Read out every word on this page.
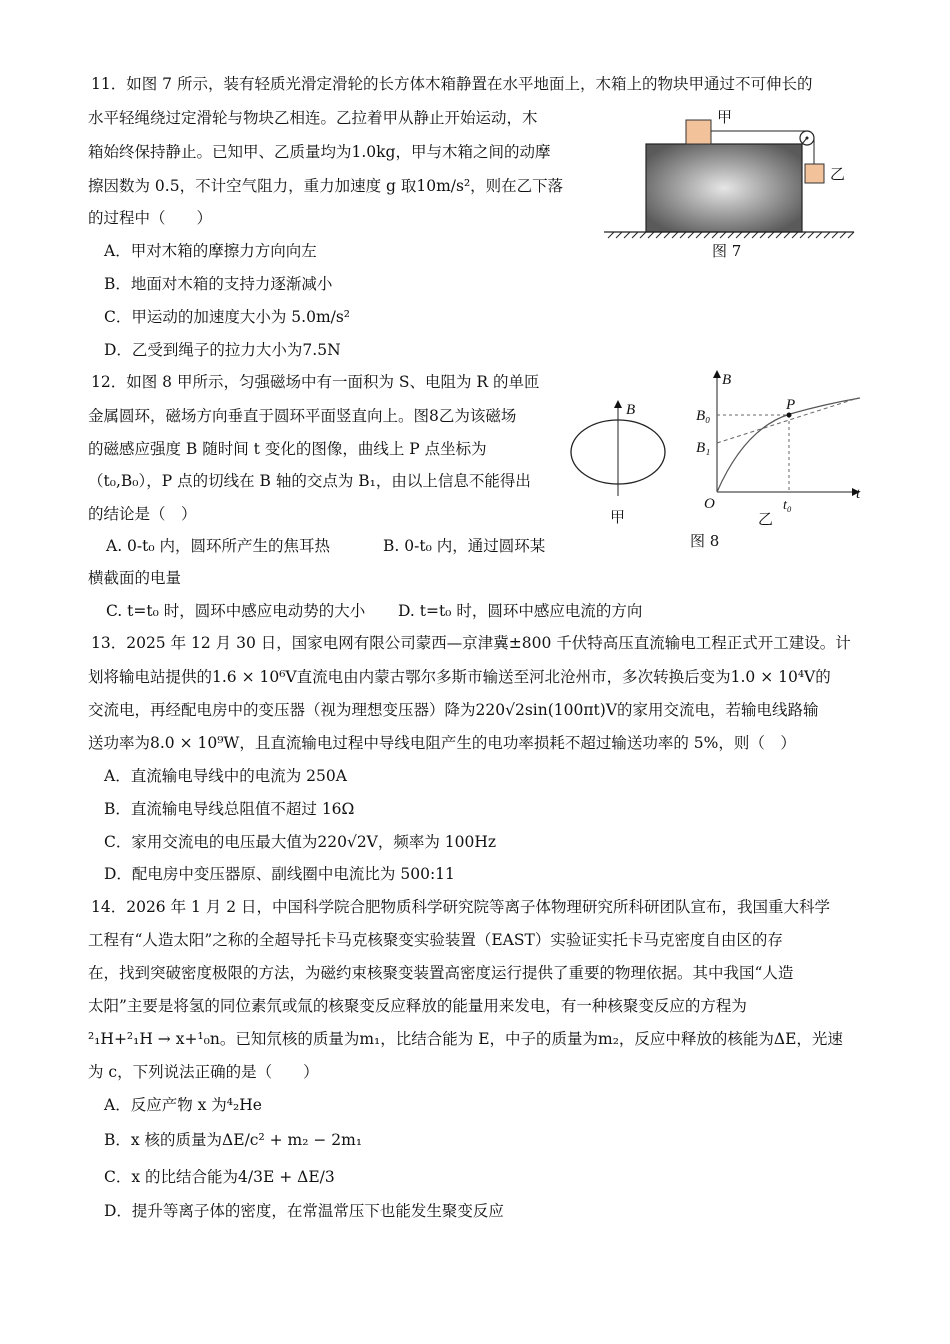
11．如图 7 所示，装有轻质光滑定滑轮的长方体木箱静置在水平地面上，木箱上的物块甲通过不可伸长的
水平轻绳绕过定滑轮与物块乙相连。乙拉着甲从静止开始运动，木
箱始终保持静止。已知甲、乙质量均为1.0kg，甲与木箱之间的动摩
擦因数为 0.5，不计空气阻力，重力加速度 g 取10m/s²，则在乙下落
的过程中（　　）
A．甲对木箱的摩擦力方向向左
B．地面对木箱的支持力逐渐减小
C．甲运动的加速度大小为 5.0m/s²
D．乙受到绳子的拉力大小为7.5N
甲
乙
图 7
12．如图 8 甲所示，匀强磁场中有一面积为 S、电阻为 R 的单匝
金属圆环，磁场方向垂直于圆环平面竖直向上。图8乙为该磁场
的磁感应强度 B 随时间 t 变化的图像，曲线上 P 点坐标为
（t₀,B₀），P 点的切线在 B 轴的交点为 B₁，由以上信息不能得出
的结论是（　）
A. 0-t₀ 内，圆环所产生的焦耳热	B. 0-t₀ 内，通过圆环某
横截面的电量
C. t=t₀ 时，圆环中感应电动势的大小 D. t=t₀ 时，圆环中感应电流的方向
B
甲
B
t
O
B₀
B₁
P
t₀
乙
图 8
13．2025 年 12 月 30 日，国家电网有限公司蒙西—京津冀±800 千伏特高压直流输电工程正式开工建设。计
划将输电站提供的1.6 × 10⁶V直流电由内蒙古鄂尔多斯市输送至河北沧州市，多次转换后变为1.0 × 10⁴V的
交流电，再经配电房中的变压器（视为理想变压器）降为220√2sin(100πt)V的家用交流电，若输电线路输
送功率为8.0 × 10⁹W，且直流输电过程中导线电阻产生的电功率损耗不超过输送功率的 5%，则（　）
A．直流输电导线中的电流为 250A
B．直流输电导线总阻值不超过 16Ω
C．家用交流电的电压最大值为220√2V，频率为 100Hz
D．配电房中变压器原、副线圈中电流比为 500:11
14．2026 年 1 月 2 日，中国科学院合肥物质科学研究院等离子体物理研究所科研团队宣布，我国重大科学
工程有“人造太阳”之称的全超导托卡马克核聚变实验装置（EAST）实验证实托卡马克密度自由区的存
在，找到突破密度极限的方法，为磁约束核聚变装置高密度运行提供了重要的物理依据。其中我国“人造
太阳”主要是将氢的同位素氘或氚的核聚变反应释放的能量用来发电，有一种核聚变反应的方程为
²₁H+²₁H → x+¹₀n。已知氘核的质量为m₁，比结合能为 E，中子的质量为m₂，反应中释放的核能为ΔE，光速
为 c，下列说法正确的是（　　）
A．反应产物 x 为⁴₂He
B．x 核的质量为ΔE/c² + m₂ − 2m₁
C．x 的比结合能为4/3E + ΔE/3
D．提升等离子体的密度，在常温常压下也能发生聚变反应
